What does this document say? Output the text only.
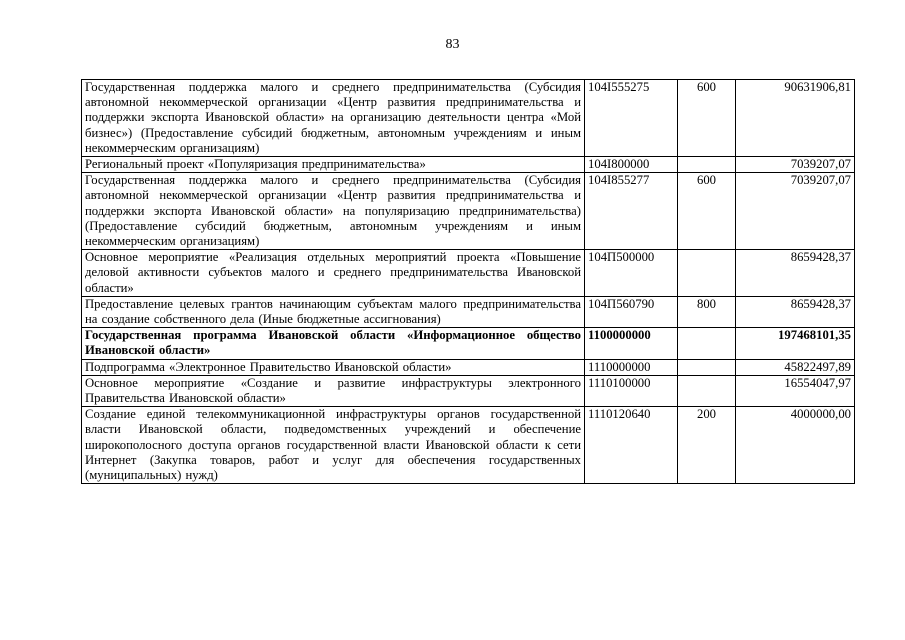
83
Государственная поддержка малого и среднего предпринимательства (Субсидия автономной некоммерческой организации «Центр развития предпринимательства и поддержки экспорта Ивановской области» на организацию деятельности центра «Мой бизнес») (Предоставление субсидий бюджетным, автономным учреждениям и иным некоммерческим организациям)	104I555275	600	90631906,81
Региональный проект «Популяризация предпринимательства»	104I800000		7039207,07
Государственная поддержка малого и среднего предпринимательства (Субсидия автономной некоммерческой организации «Центр развития предпринимательства и поддержки экспорта Ивановской области» на популяризацию предпринимательства) (Предоставление субсидий бюджетным, автономным учреждениям и иным некоммерческим организациям)	104I855277	600	7039207,07
Основное мероприятие «Реализация отдельных мероприятий проекта «Повышение деловой активности субъектов малого и среднего предпринимательства Ивановской области»	104П500000		8659428,37
Предоставление целевых грантов начинающим субъектам малого предпринимательства на создание собственного дела (Иные бюджетные ассигнования)	104П560790	800	8659428,37
Государственная программа Ивановской области «Информационное общество Ивановской области»	1100000000		197468101,35
Подпрограмма «Электронное Правительство Ивановской области»	1110000000		45822497,89
Основное мероприятие «Создание и развитие инфраструктуры электронного Правительства Ивановской области»	1110100000		16554047,97
Создание единой телекоммуникационной инфраструктуры органов государственной власти Ивановской области, подведомственных учреждений и обеспечение широкополосного доступа органов государственной власти Ивановской области к сети Интернет (Закупка товаров, работ и услуг для обеспечения государственных (муниципальных) нужд)	1110120640	200	4000000,00
